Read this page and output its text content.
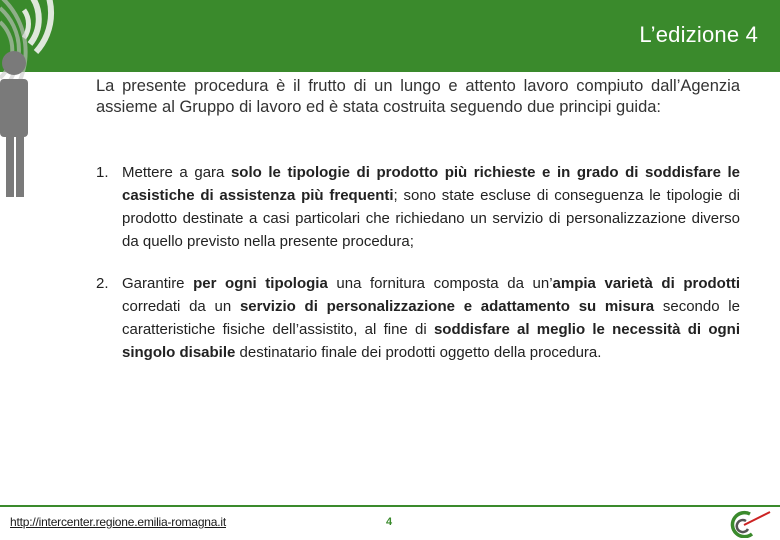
L’edizione 4
La presente procedura è il frutto di un lungo e attento lavoro compiuto dall’Agenzia assieme al Gruppo di lavoro ed è stata costruita seguendo due principi guida:
1. Mettere a gara solo le tipologie di prodotto più richieste e in grado di soddisfare le casistiche di assistenza più frequenti; sono state escluse di conseguenza le tipologie di prodotto destinate a casi particolari che richiedano un servizio di personalizzazione diverso da quello previsto nella presente procedura;
2. Garantire per ogni tipologia una fornitura composta da un’ampia varietà di prodotti corredati da un servizio di personalizzazione e adattamento su misura secondo le caratteristiche fisiche dell’assistito, al fine di soddisfare al meglio le necessità di ogni singolo disabile destinatario finale dei prodotti oggetto della procedura.
http://intercenter.regione.emilia-romagna.it	4
